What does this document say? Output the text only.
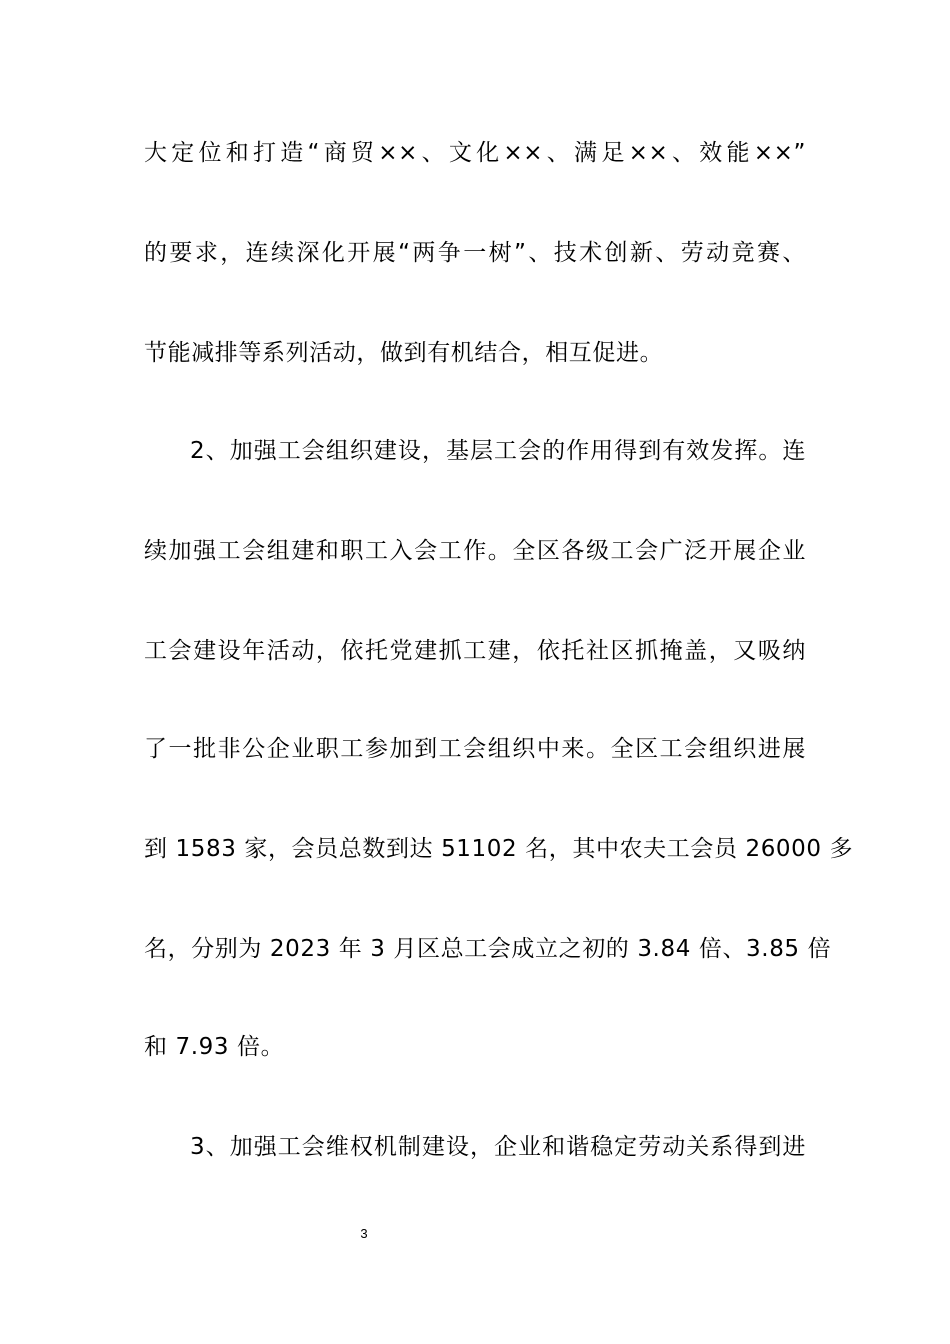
大定位和打造“商贸××、文化××、满足××、效能××”
的要求，连续深化开展“两争一树”、技术创新、劳动竞赛、
节能减排等系列活动，做到有机结合，相互促进。
2、加强工会组织建设，基层工会的作用得到有效发挥。连
续加强工会组建和职工入会工作。全区各级工会广泛开展企业
工会建设年活动，依托党建抓工建，依托社区抓掩盖，又吸纳
了一批非公企业职工参加到工会组织中来。全区工会组织进展
到 1583 家，会员总数到达 51102 名，其中农夫工会员 26000 多
名，分别为 2023 年 3 月区总工会成立之初的 3.84 倍、3.85 倍
和 7.93 倍。
3、加强工会维权机制建设，企业和谐稳定劳动关系得到进
3
